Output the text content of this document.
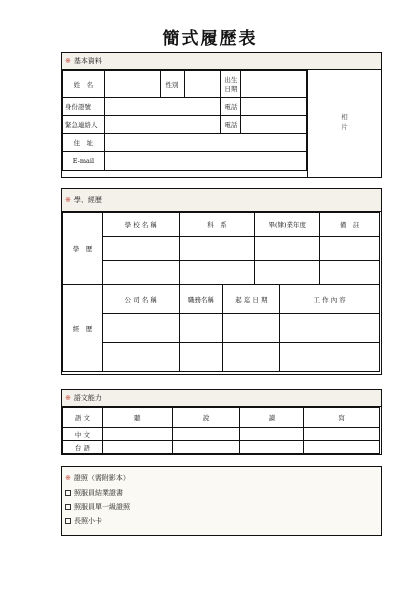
簡式履歷表
※ 基本資料
姓　名		性別		出生
日期	
身份證號				電話	
緊急連絡人				電話	
住　址					
E-mail					
相
片
※ 學、經歷
學　歷	學 校 名 稱	科　系	畢(肄)業年度	備　註

經　歷	公 司 名 稱	職務名稱	起 迄 日 期	工 作 內 容

※ 語文能力
語 文	聽	說	讀	寫
中 文				
台 語				
※ 證照（需附影本）
照服員結業證書
照服員單一級證照
長照小卡
